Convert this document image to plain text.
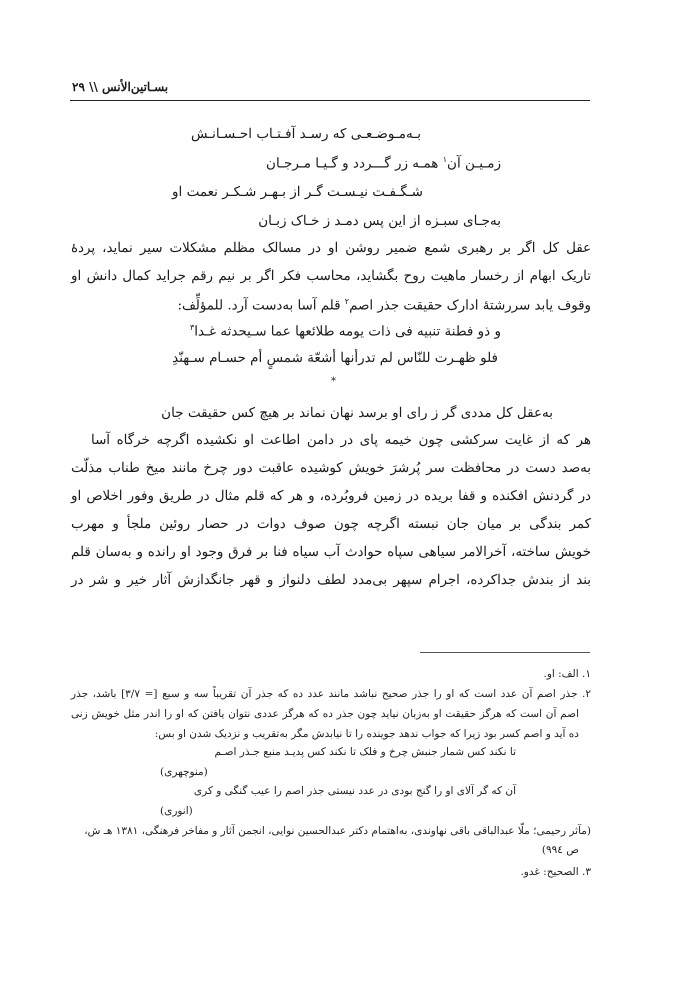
بسـاتین‌الأنس \\ ۲۹
بـه‌مـوضـعـی که رسـد آفـتـاب احـسـانـش
زمـیـن آن$^۱$ همـه زر گـــردد و گـیـا مـرجـان
شـگـفـت نیـسـت گـر از بـهـر شـکـر نعمت او
به‌جـای سبـزه از این پس دمـد ز خـاک زبـان
عقل کل اگر بر رهبری شمع ضمیر روشن او در مسالک مظلم مشکلات سیر نماید، پردهٔ
تاریک ابهام از رخسار ماهیت روح بگشاید، محاسب فکر اگر بر نیم رقم جراید کمال دانش او
وقوف یابد سررشتهٔ ادارک حقیقت جذر اصم$^۲$ قلم آسا به‌دست آرد. للمؤلِّف:
و ذو فطنة تنبیه فی ذات یومه طلائعها عما سـیحدثه غـدا$^۳$
فلو ظهـرت للنّاس لم تدرأنها أشعّة شمسٍ أم حسـام سـهنّدِ
*
به‌عقل کل مددی گر ز رای او برسد نهان نماند بر هیچ کس حقیقت جان
هر که از غایت سرکشی چون خیمه پای در دامن اطاعت او نکشیده اگرچه خرگاه آسا
به‌صد دست در محافظت سر پُرشرَ خویش کوشیده عاقبت دور چرخ مانند میخ طناب مذلّت
در گردنش افکنده و قفا بریده در زمین فروبُرده، و هر که قلم مثال در طریق وفور اخلاص او
کمر بندگی بر میان جان نبسته اگرچه چون صوف دوات در حصار روئین ملجأ و مهرب
خویش ساخته، آخرالامر سیاهی سپاه حوادث آب سیاه فنا بر فرق وجود او رانده و به‌سان قلم
بند از بندش جداکرده، اجرام سپهر بی‌مدد لطف دلنواز و قهر جانگدازش آثار خیر و شر در
۱. الف: او.
۲. جذر اصم آن عدد است که او را جذر صحیح نباشد مانند عدد ده که جذر آن تقریباً سه و سبع [= ۳/۷] باشد، جذر
اصم آن است که هرگز حقیقت او به‌زبان نیاید چون جذر ده که هرگز عددی نتوان یافتن که او را اندر مثل خویش زنی
ده آید و اصم کسر بود زیرا که جواب ندهد جوینده را تا نیابدش مگر به‌تقریب و نزدیک شدن او بس:
تا نکند کس شمار جنبش چرخ و فلک تا نکند کس پدیـد منبع جـذر اصـم
(منوچهری)
آن که گر آلای او را گنج بودی در عدد نیستی جذر اصم را عیب گنگی و کری
(انوری)
(مآثر رحیمی؛ ملّا عبدالباقی باقی نهاوندی، به‌اهتمام دکتر عبدالحسین نوایی، انجمن آثار و مفاخر فرهنگی، ۱۳۸۱ هـ ش،
ص ۹۹٤)
۳. الصحیح: غدو.
